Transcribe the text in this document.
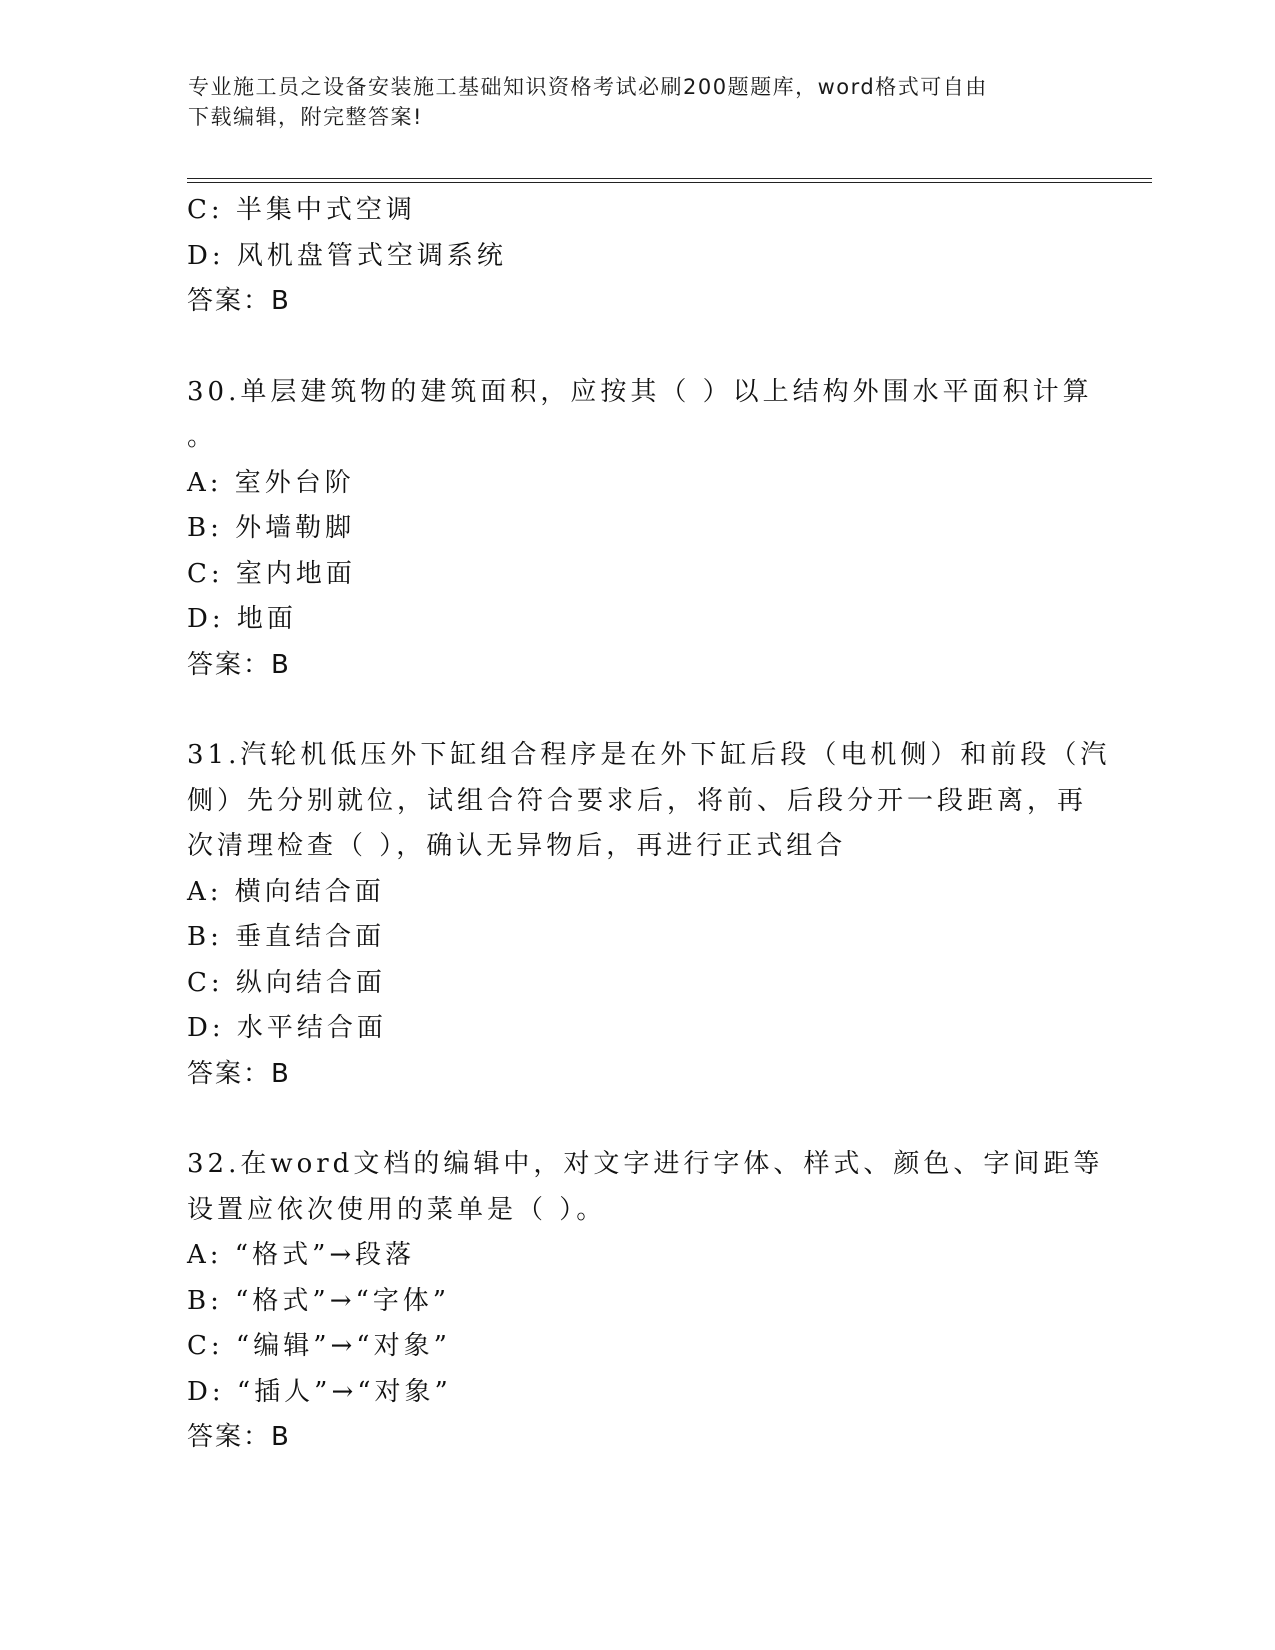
专业施工员之设备安装施工基础知识资格考试必刷200题题库，word格式可自由
下载编辑，附完整答案!
C: 半集中式空调
D: 风机盘管式空调系统
答案：B
30.单层建筑物的建筑面积，应按其（ ）以上结构外围水平面积计算
。
A: 室外台阶
B: 外墙勒脚
C: 室内地面
D: 地面
答案：B
31.汽轮机低压外下缸组合程序是在外下缸后段（电机侧）和前段（汽
侧）先分别就位，试组合符合要求后，将前、后段分开一段距离，再
次清理检查（ ），确认无异物后，再进行正式组合
A: 横向结合面
B: 垂直结合面
C: 纵向结合面
D: 水平结合面
答案：B
32.在word文档的编辑中，对文字进行字体、样式、颜色、字间距等
设置应依次使用的菜单是（ ）。
A: “格式”→段落
B: “格式”→“字体”
C: “编辑”→“对象”
D: “插人”→“对象”
答案：B
